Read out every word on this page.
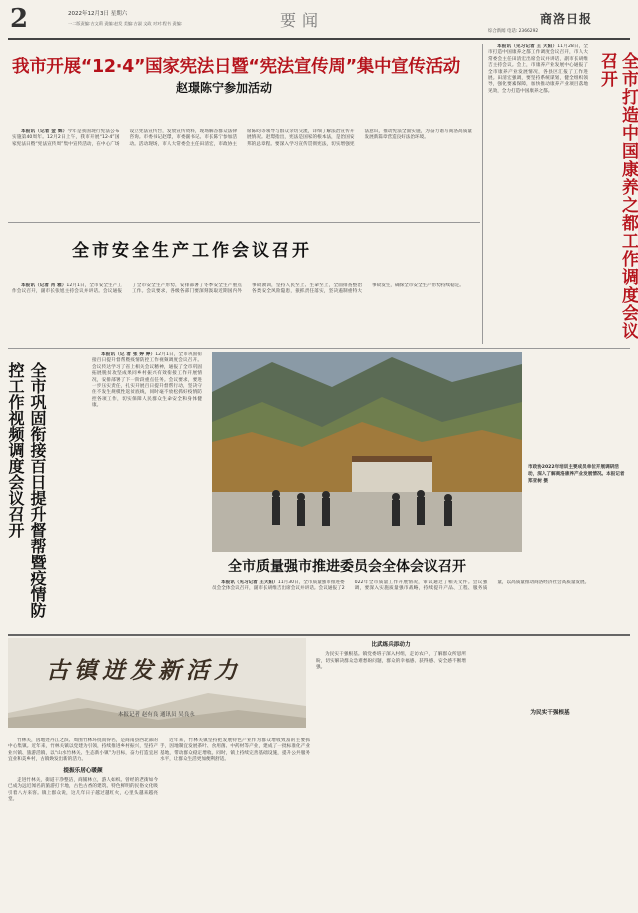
2	2022年12月3日 星期六
一二版责编:吉文莉 责编:赵发 美编:吉淑 文政 对对:程书 责编:	要闻	商洛日报
综合新闻 电话: 2366292
我市开展“12·4”国家宪法日暨“宪法宣传周”集中宣传活动
赵璟陈宁参加活动

本报讯（记者 金 辉）今年是我国现行宪法公布实施第40周年。12月2日上午，我市开展“12·4”国家宪法日暨“宪法宣传周”集中宣传活动，在中心广场设立宪法宣传台，发放宣传资料，现场解答群众法律咨询。市委书记赵璟，市委副书记、市长陈宁参加活动。活动现场，市人大常委会主任田清宏，市政协主席陈昀等领导与群众亲切交流，详细了解法治宣传开展情况。赵璟指出，宪法是国家的根本法，是治国安邦的总章程。要深入学习宣传贯彻宪法，切实增强宪法意识，推动宪法全面实施，为奋力谱写商洛高质量发展新篇章营造良好法治环境。

本报讯（见习记者 王 天阳）11月28日，全市打造中国康养之都工作调度会议召开，市人大常委会主任田清宏出席会议并讲话，副市长胡维吉主持会议。会上，市康养产业发展中心通报了全市康养产业发展情况，各县区汇报了工作进展。田清宏强调，要坚持系统谋划，健全组织领导，强化要素保障，加快推动康养产业项目落地见效，全力打造中国康养之都。	全市打造中国康养之都工作调度会议召开
全市安全生产工作会议召开

本报讯（记者 肖 雅）12月1日，全市安全生产工作会议召开，副市长张旭主持会议并讲话。会议通报了全市安全生产形势，安排部署了冬季安全生产重点工作。会议要求，各级各部门要深刻汲取近期国内外事故教训，坚持人民至上、生命至上，全面排查整治各类安全风险隐患，狠抓责任落实，坚决遏制重特大事故发生，确保全市安全生产形势持续稳定。

全市巩固衔接百日提升督帮暨疫情防控工作视频调度会议召开

本报讯（记 者 张 婷 婷）12月1日，全市巩固衔接百日提升督帮暨疫情防控工作视频调度会议召开。会议传达学习了省上相关会议精神，通报了全市巩固拓展脱贫攻坚成果同乡村振兴有效衔接工作开展情况，安排部署了下一阶段重点任务。会议要求，要进一步压实责任，扎实开展百日提升督帮行动，坚决守住不发生规模性返贫底线，同时毫不放松抓好疫情防控各项工作，切实保障人民群众生命安全和身体健康。

市政协2022年培训主要成员单位开展调研活动，深入了解商洛康养产业发展情况。本报记者 郑亚树 摄
全市质量强市推进委员会全体会议召开

本报讯（见习记者 王天阳）11月30日，全市质量强市推进委员会全体会议召开，副市长胡维吉出席会议并讲话。会议通报了2022年全市质量工作开展情况，审议通过了相关文件。会议强调，要深入实施质量强市战略，持续提升产品、工程、服务质量，以高质量推动商洛经济社会高质量发展。

古镇迸发新活力
本报记者 赵有良 通讯员 吴良永

竹林关，因地处丹江之滨、周围竹林环绕而得名，是商南县西北部的中心集镇。近年来，竹林关镇以党建为引领，持续推进乡村振兴，坚持产业兴镇、旅游活镇，以“山水竹林关、生态新小镇”为目标，奋力打造宜居宜业和美乡村，古镇焕发出新的活力。

提振乐居心暖颜

走进竹林关，街道干净整洁，商铺林立，游人如织。曾经的老街如今已成为远近闻名的旅游打卡地，古色古香的建筑、特色鲜明的民俗文化吸引着八方来客。镇上群众说，这几年日子越过越红火，心里头越来越亮堂。

近年来，竹林关镇坚持把发展特色产业作为群众增收致富的主要抓手，因地制宜发展茶叶、食用菌、中药材等产业，建成了一批标准化产业基地，带动群众稳定增收。同时，镇上持续完善基础设施，提升公共服务水平，让群众生活更加便利舒适。

比武练兵添动力

为民实干强根基。镇党委班子深入村组，走访农户，了解群众所思所盼，切实解决群众急难愁盼问题，群众的幸福感、获得感、安全感不断增强。

为民实干强根基
